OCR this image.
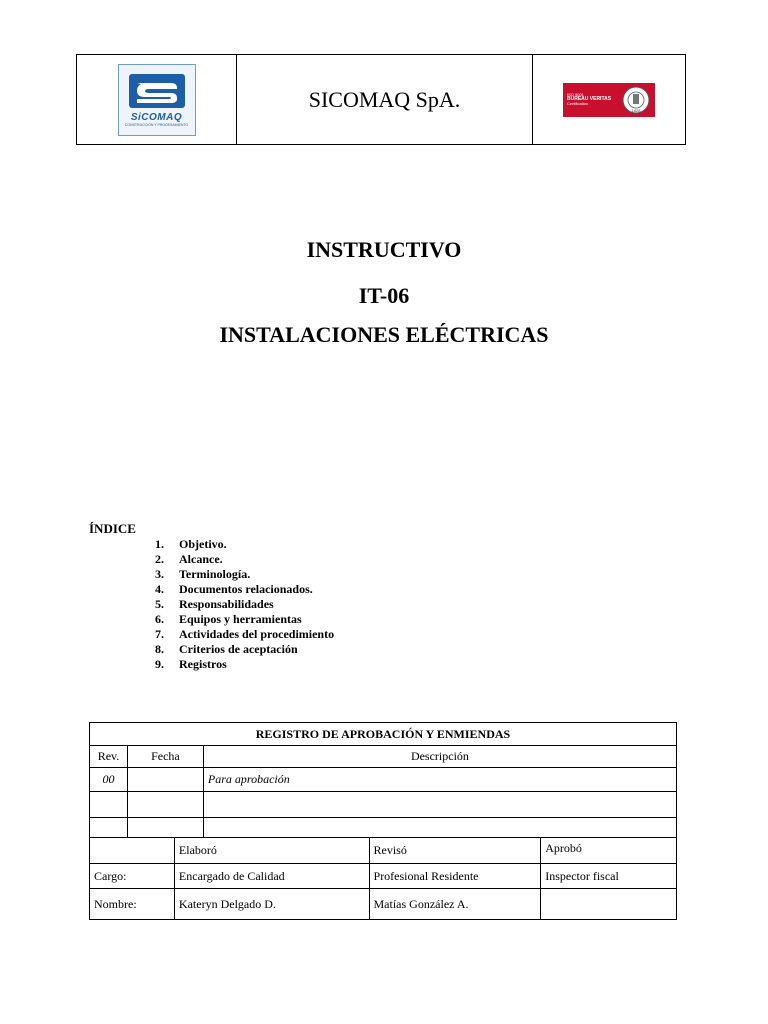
SiCOMAQ
CONSTRUCCIÓN Y PROCESAMIENTO
SICOMAQ SpA.	ISO 9001
BUREAU VERITAS
Certification
1828
INSTRUCTIVO
IT-06
INSTALACIONES ELÉCTRICAS
ÍNDICE
1.	Objetivo.
2.	Alcance.
3.	Terminología.
4.	Documentos relacionados.
5.	Responsabilidades
6.	Equipos y herramientas
7.	Actividades del procedimiento
8.	Criterios de aceptación
9.	Registros
REGISTRO DE APROBACIÓN Y ENMIENDAS					
Rev.	Fecha		Descripción		
00			Para aprobación		

		Elaboró		Revisó	Aprobó
Cargo:		Encargado de Calidad		Profesional Residente	Inspector fiscal
Nombre:		Kateryn Delgado D.		Matías González A.	
